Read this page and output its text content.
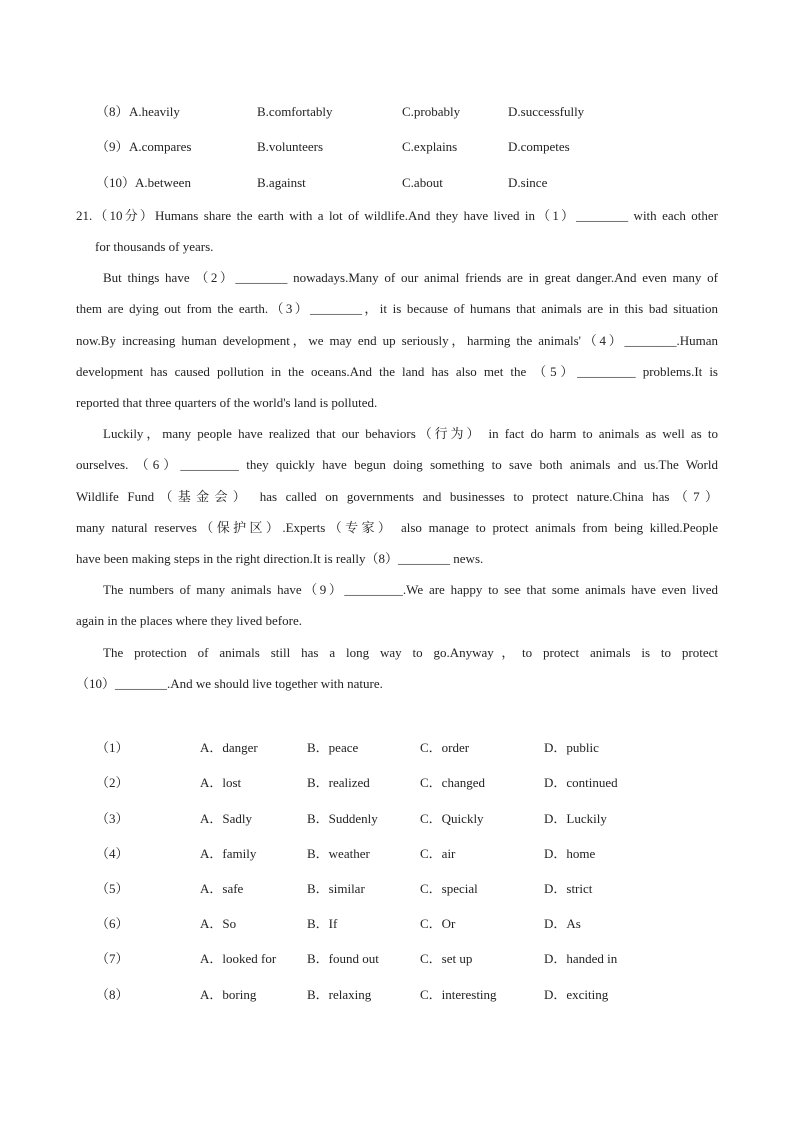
（8） A.heavily	B.comfortably	C.probably	D.successfully
（9） A.compares	B.volunteers	C.explains	D.competes
（10） A.between	B.against	C.about	D.since
21.（10分）Humans share the earth with a lot of wildlife.And they have lived in（1）________ with each other
for thousands of years.
But things have （2）________ nowadays.Many of our animal friends are in great danger.And even many of
them are dying out from the earth.（3）________，it is because of humans that animals are in this bad situation
now.By increasing human development，we may end up seriously，harming the animals'（4）________.Human
development has caused pollution in the oceans.And the land has also met the （5）_________ problems.It is
reported that three quarters of the world's land is polluted.
Luckily，many people have realized that our behaviors（行为） in fact do harm to animals as well as to
ourselves. （6）_________ they quickly have begun doing something to save both animals and us.The World
Wildlife Fund（基金会） has called on governments and businesses to protect nature.China has（7）
many natural reserves（保护区）.Experts（专家） also manage to protect animals from being killed.People
have been making steps in the right direction.It is really（8）________ news.
The numbers of many animals have（9）_________.We are happy to see that some animals have even lived
again in the places where they lived before.
The protection of animals still has a long way to go.Anyway，to protect animals is to protect
（10）________.And we should live together with nature.
（1）	A．danger	B．peace	C．order	D．public
（2）	A．lost	B．realized	C．changed	D．continued
（3）	A．Sadly	B．Suddenly	C．Quickly	D．Luckily
（4）	A．family	B．weather	C．air	D．home
（5）	A．safe	B．similar	C．special	D．strict
（6）	A．So	B．If	C．Or	D．As
（7）	A．looked for B．found out	C．set up	D．handed in
（8）	A．boring	B．relaxing	C．interesting	D．exciting
